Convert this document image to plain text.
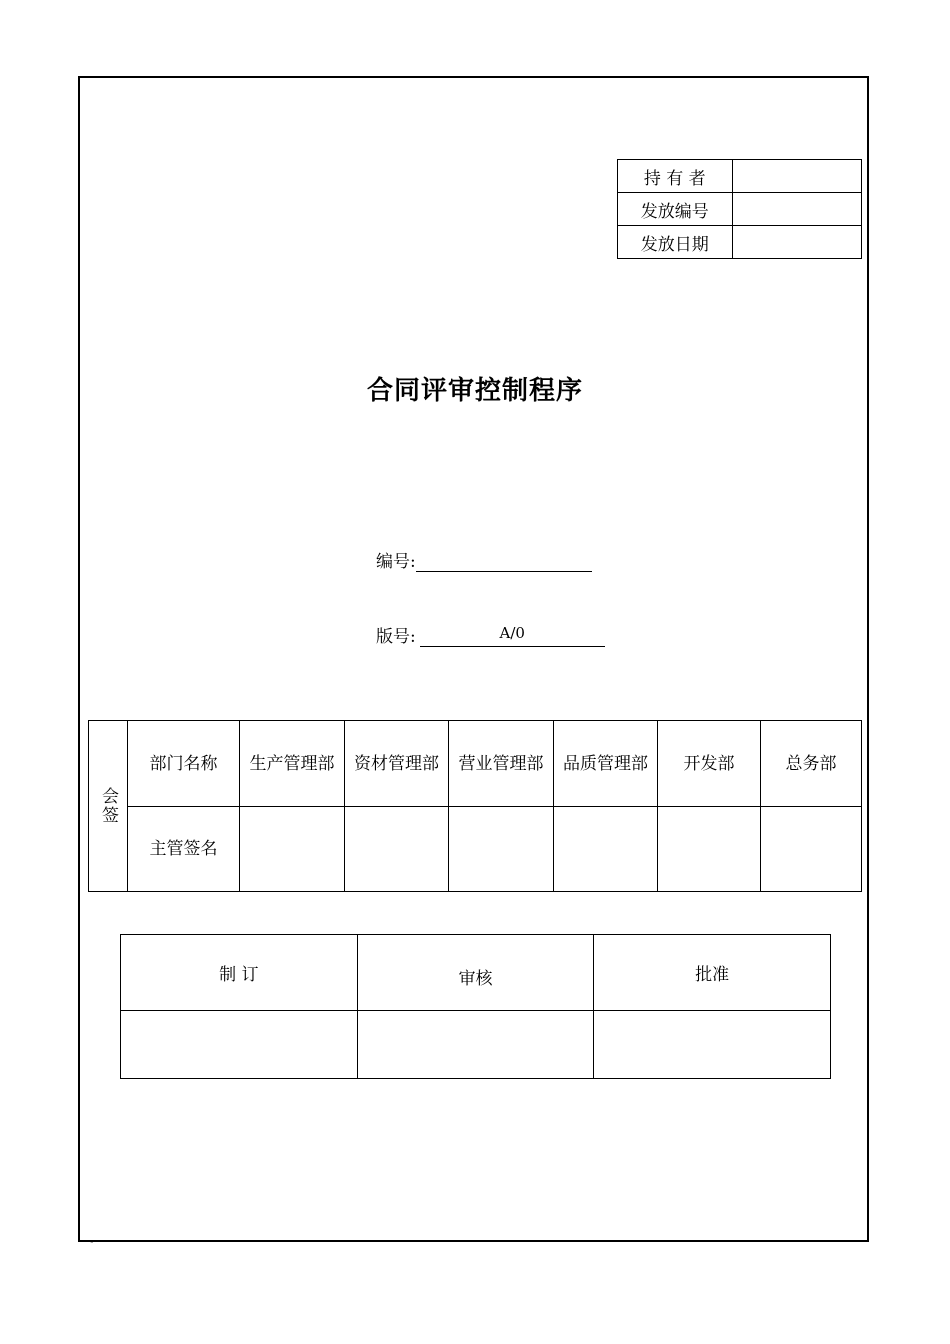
持 有 者	
发放编号	
发放日期	
合同评审控制程序
编号:
版号:	A/0
会签	部门名称	生产管理部	资材管理部	营业管理部	品质管理部	开发部	总务部
	主管签名						
制 订	审核	批准

。
